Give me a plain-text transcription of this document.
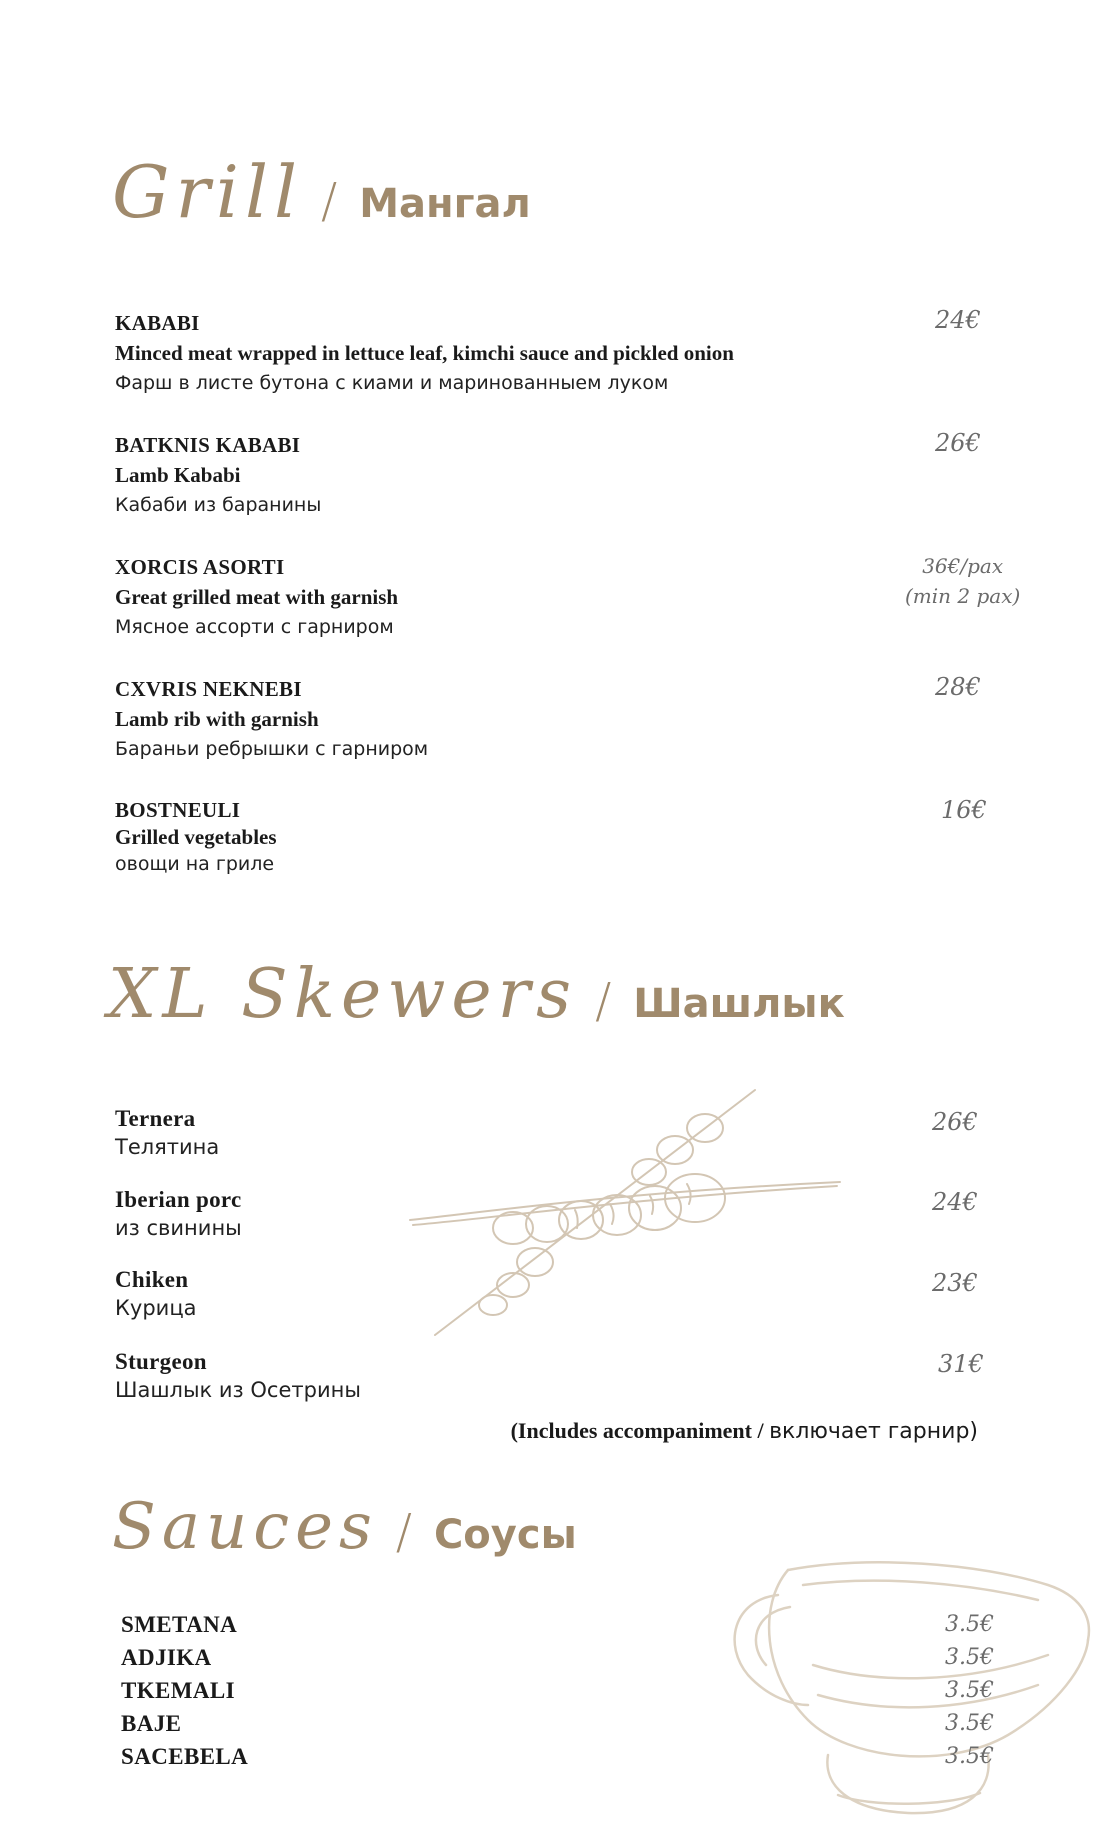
Grill / Мангал
KABABI
Minced meat wrapped in lettuce leaf, kimchi sauce and pickled onion
Фарш в листе бутона с киами и маринованныем луком
24€
BATKNIS KABABI
Lamb Kababi
Кабаби из баранины
26€
XORCIS ASORTI
Great grilled meat with garnish
Мясное ассорти с гарниром
36€/pax
(min 2 pax)
CXVRIS NEKNEBI
Lamb rib with garnish
Бараньи ребрышки с гарниром
28€
BOSTNEULI
Grilled vegetables
овощи на гриле
16€
XL Skewers / Шашлык
Ternera
Телятина
26€
Iberian porc
из свинины
24€
Chiken
Курица
23€
Sturgeon
Шашлык из Осетрины
31€
(Includes accompaniment / включает гарнир)
Sauces / Соусы
SMETANA	3.5€
ADJIKA	3.5€
TKEMALI	3.5€
BAJE	3.5€
SACEBELA	3.5€
